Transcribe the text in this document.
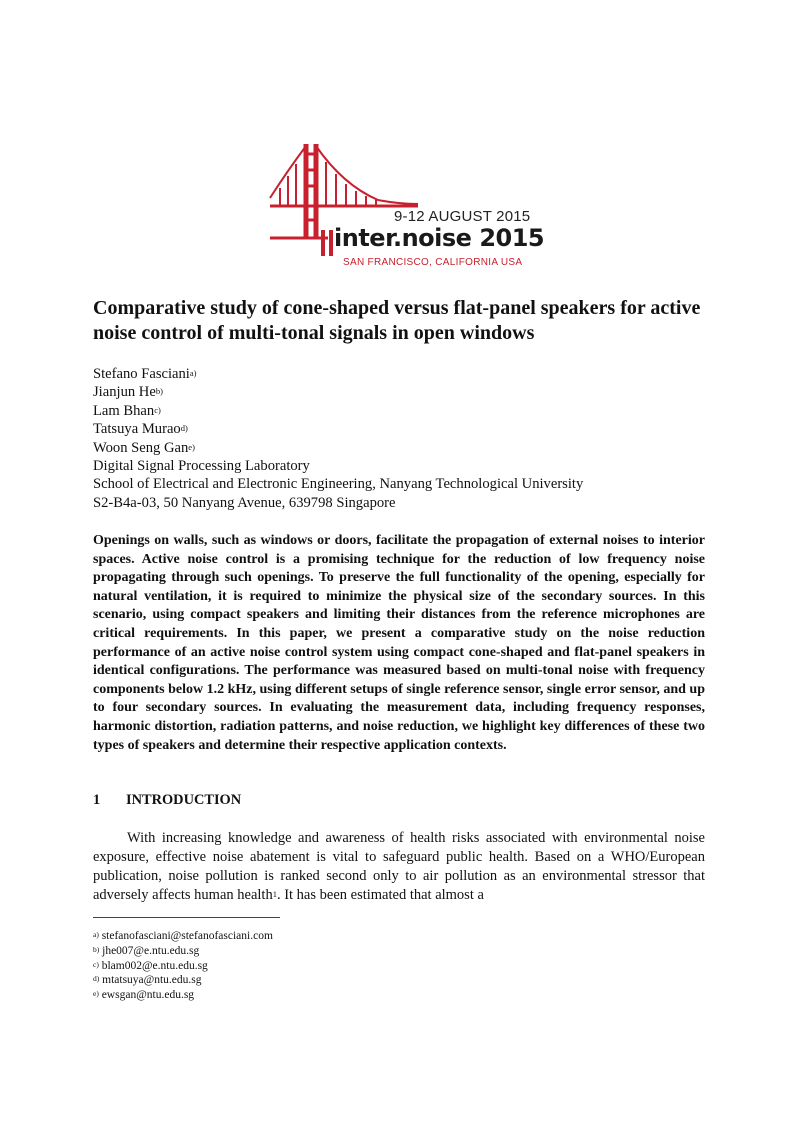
9-12 AUGUST 2015
inter.noise 2015
SAN FRANCISCO, CALIFORNIA USA
Comparative study of cone-shaped versus flat-panel speakers for active noise control of multi-tonal signals in open windows
Stefano Fasciani$^{a)}$
Jianjun He$^{b)}$
Lam Bhan$^{c)}$
Tatsuya Murao$^{d)}$
Woon Seng Gan$^{e)}$
Digital Signal Processing Laboratory
School of Electrical and Electronic Engineering, Nanyang Technological University
S2-B4a-03, 50 Nanyang Avenue, 639798 Singapore
Openings on walls, such as windows or doors, facilitate the propagation of external noises to interior spaces. Active noise control is a promising technique for the reduction of low frequency noise propagating through such openings. To preserve the full functionality of the opening, especially for natural ventilation, it is required to minimize the physical size of the secondary sources. In this scenario, using compact speakers and limiting their distances from the reference microphones are critical requirements. In this paper, we present a comparative study on the noise reduction performance of an active noise control system using compact cone-shaped and flat-panel speakers in identical configurations. The performance was measured based on multi-tonal noise with frequency components below 1.2 kHz, using different setups of single reference sensor, single error sensor, and up to four secondary sources. In evaluating the measurement data, including frequency responses, harmonic distortion, radiation patterns, and noise reduction, we highlight key differences of these two types of speakers and determine their respective application contexts.
1 INTRODUCTION
With increasing knowledge and awareness of health risks associated with environmental noise exposure, effective noise abatement is vital to safeguard public health. Based on a WHO/European publication, noise pollution is ranked second only to air pollution as an environmental stressor that adversely affects human health$^1$. It has been estimated that almost a
$^{a)}$ stefanofasciani@stefanofasciani.com
$^{b)}$ jhe007@e.ntu.edu.sg
$^{c)}$ blam002@e.ntu.edu.sg
$^{d)}$ mtatsuya@ntu.edu.sg
$^{e)}$ ewsgan@ntu.edu.sg
